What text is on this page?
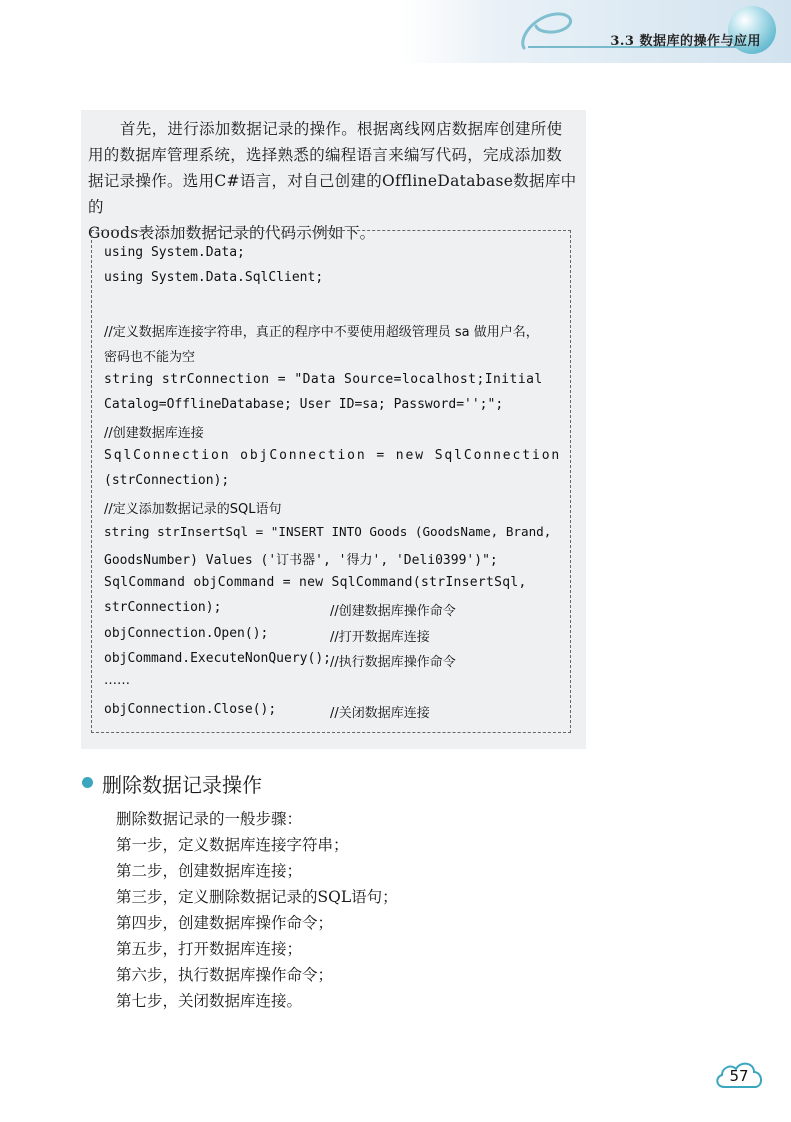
3.3 数据库的操作与应用
首先，进行添加数据记录的操作。根据离线网店数据库创建所使
用的数据库管理系统，选择熟悉的编程语言来编写代码，完成添加数
据记录操作。选用C#语言，对自己创建的OfflineDatabase数据库中的
Goods表添加数据记录的代码示例如下。
using System.Data;
using System.Data.SqlClient;
//定义数据库连接字符串，真正的程序中不要使用超级管理员 sa 做用户名，
密码也不能为空
string strConnection = "Data Source=localhost;Initial
Catalog=OfflineDatabase; User ID=sa; Password='';";
//创建数据库连接
SqlConnection objConnection = new SqlConnection
(strConnection);
//定义添加数据记录的SQL语句
string strInsertSql = "INSERT INTO Goods (GoodsName, Brand,
GoodsNumber) Values ('订书器', '得力', 'Deli0399')";
SqlCommand objCommand = new SqlCommand(strInsertSql,
strConnection);	//创建数据库操作命令
objConnection.Open();	//打开数据库连接
objCommand.ExecuteNonQuery(); //执行数据库操作命令
……
objConnection.Close();	//关闭数据库连接
删除数据记录操作
删除数据记录的一般步骤：
第一步，定义数据库连接字符串；
第二步，创建数据库连接；
第三步，定义删除数据记录的SQL语句；
第四步，创建数据库操作命令；
第五步，打开数据库连接；
第六步，执行数据库操作命令；
第七步，关闭数据库连接。
57
